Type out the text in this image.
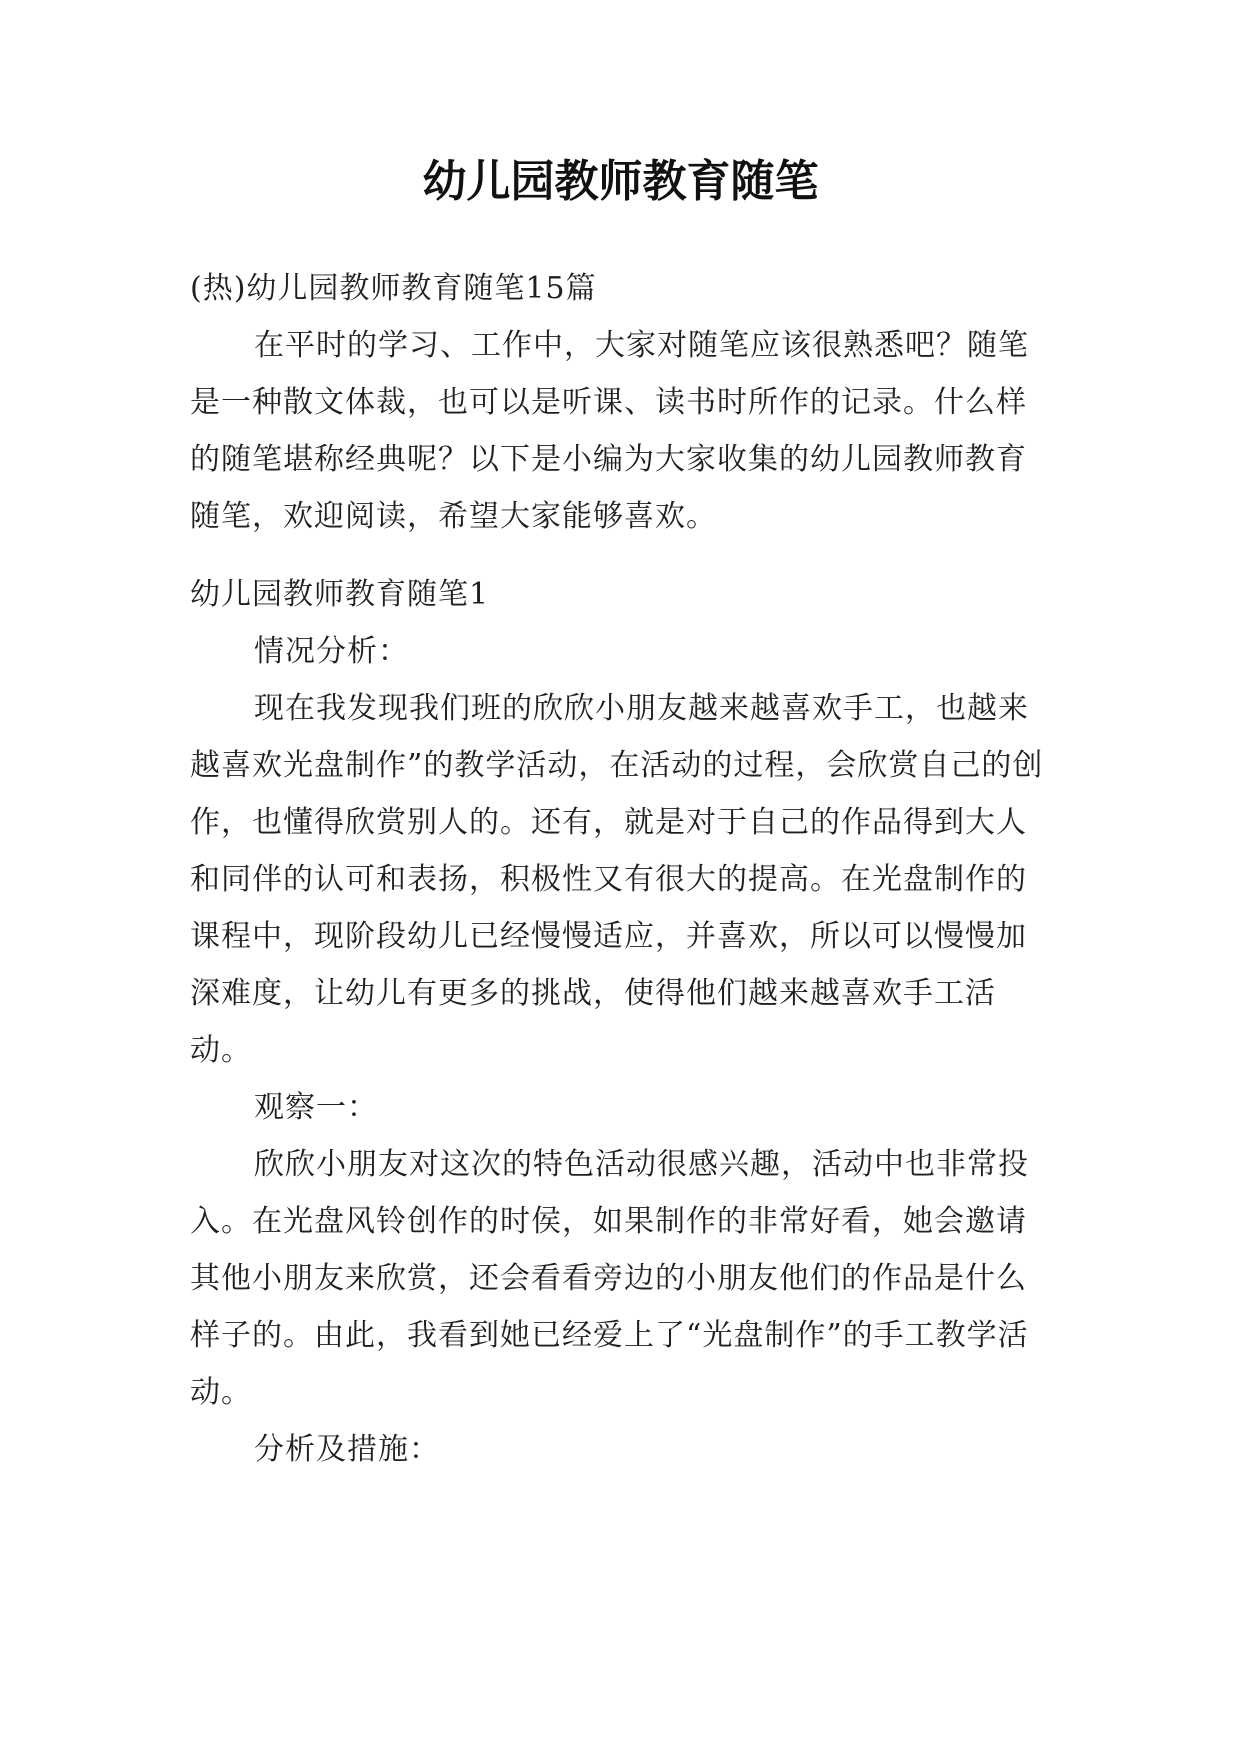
幼儿园教师教育随笔

(热)幼儿园教师教育随笔15篇

在平时的学习、工作中，大家对随笔应该很熟悉吧？随笔是一种散文体裁，也可以是听课、读书时所作的记录。什么样的随笔堪称经典呢？以下是小编为大家收集的幼儿园教师教育随笔，欢迎阅读，希望大家能够喜欢。

幼儿园教师教育随笔1

情况分析：

现在我发现我们班的欣欣小朋友越来越喜欢手工，也越来越喜欢光盘制作”的教学活动，在活动的过程，会欣赏自己的创作，也懂得欣赏别人的。还有，就是对于自己的作品得到大人和同伴的认可和表扬，积极性又有很大的提高。在光盘制作的课程中，现阶段幼儿已经慢慢适应，并喜欢，所以可以慢慢加深难度，让幼儿有更多的挑战，使得他们越来越喜欢手工活动。

观察一：

欣欣小朋友对这次的特色活动很感兴趣，活动中也非常投入。在光盘风铃创作的时侯，如果制作的非常好看，她会邀请其他小朋友来欣赏，还会看看旁边的小朋友他们的作品是什么样子的。由此，我看到她已经爱上了“光盘制作”的手工教学活动。

分析及措施：
